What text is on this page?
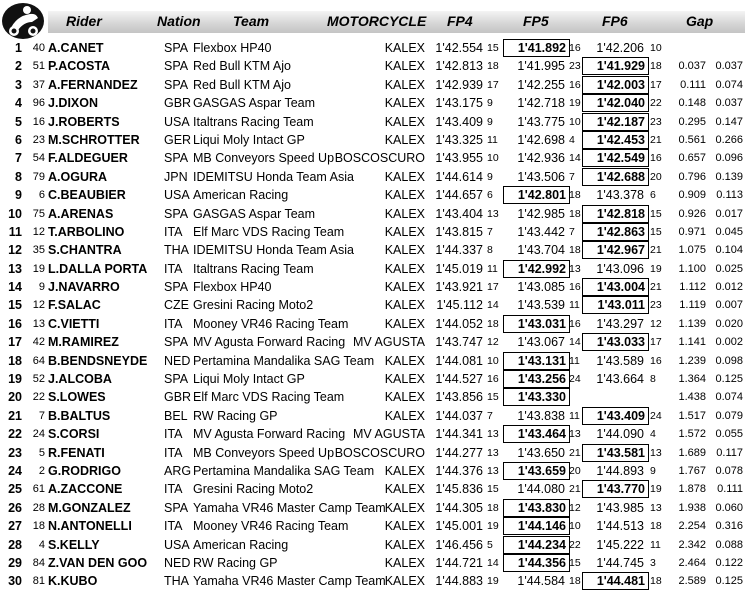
Rider	Nation Team	MOTORCYCLE FP4	FP5	FP6	Gap
1 40 A.CANET	SPA Flexbox HP40	KALEX 1'42.554 15	1'41.892 16	1'42.206 10
2 51 P.ACOSTA	SPA Red Bull KTM Ajo	KALEX 1'42.813 18	1'41.995 23	1'41.929 18	0.037 0.037
3 37 A.FERNANDEZ SPA Red Bull KTM Ajo	KALEX 1'42.939 17	1'42.255 16	1'42.003 17	0.111 0.074
4 96 J.DIXON	GBR GASGAS Aspar Team	KALEX 1'43.175 9	1'42.718 19	1'42.040 22	0.148 0.037
5 16 J.ROBERTS	USA Italtrans Racing Team	KALEX 1'43.409 9	1'43.775 10	1'42.187 23	0.295 0.147
6 23 M.SCHROTTER GER Liqui Moly Intact GP	KALEX 1'43.325 11	1'42.698 4	1'42.453 21	0.561 0.266
7 54 F.ALDEGUER	SPA MB Conveyors Speed Up BOSCOSCURO 1'43.955 10	1'42.936 14	1'42.549 16	0.657 0.096
8 79 A.OGURA	JPN IDEMITSU Honda Team Asia	KALEX 1'44.614 9	1'43.506 7	1'42.688 20	0.796 0.139
9	6 C.BEAUBIER	USA American Racing	KALEX 1'44.657 6	1'42.801 18	1'43.378 6	0.909 0.113
10 75 A.ARENAS	SPA GASGAS Aspar Team	KALEX 1'43.404 13	1'42.985 18	1'42.818 15	0.926 0.017
11 12 T.ARBOLINO	ITA Elf Marc VDS Racing Team	KALEX 1'43.815 7	1'43.442 7	1'42.863 15	0.971 0.045
12 35 S.CHANTRA	THA IDEMITSU Honda Team Asia	KALEX 1'44.337 8	1'43.704 18	1'42.967 21	1.075 0.104
13 19 L.DALLA PORTA ITA Italtrans Racing Team	KALEX 1'45.019 11	1'42.992 13	1'43.096 19	1.100 0.025
14	9 J.NAVARRO	SPA Flexbox HP40	KALEX 1'43.921 17	1'43.085 16	1'43.004 21	1.112 0.012
15 12 F.SALAC	CZE Gresini Racing Moto2	KALEX 1'45.112 14	1'43.539 11	1'43.011 23	1.119 0.007
16 13 C.VIETTI	ITA Mooney VR46 Racing Team	KALEX 1'44.052 18	1'43.031 16	1'43.297 12	1.139 0.020
17 42 M.RAMIREZ	SPA MV Agusta Forward Racing MV AGUSTA 1'43.747 12	1'43.067 14	1'43.033 17	1.141 0.002
18 64 B.BENDSNEYDE NED Pertamina Mandalika SAG Team KALEX 1'44.081 10	1'43.131 11	1'43.589 16	1.239 0.098
19 52 J.ALCOBA	SPA Liqui Moly Intact GP	KALEX 1'44.527 16	1'43.256 24	1'43.664 8	1.364 0.125
20 22 S.LOWES	GBR Elf Marc VDS Racing Team	KALEX 1'43.856 15	1'43.330	1.438 0.074
21	7 B.BALTUS	BEL RW Racing GP	KALEX 1'44.037 7	1'43.838 11	1'43.409 24	1.517 0.079
22 24 S.CORSI	ITA MV Agusta Forward Racing MV AGUSTA 1'44.341 13	1'43.464 13	1'44.090 4	1.572 0.055
23	5 R.FENATI	ITA MB Conveyors Speed Up BOSCOSCURO 1'44.277 13	1'43.650 21	1'43.581 13	1.689 0.117
24	2 G.RODRIGO	ARG Pertamina Mandalika SAG Team KALEX 1'44.376 13	1'43.659 20	1'44.893 9	1.767 0.078
25 61 A.ZACCONE	ITA Gresini Racing Moto2	KALEX 1'45.836 15	1'44.080 21	1'43.770 19	1.878	0.111
26 28 M.GONZALEZ	SPA Yamaha VR46 Master Camp Team KALEX 1'44.305 18	1'43.830 12	1'43.985 13	1.938 0.060
27 18 N.ANTONELLI	ITA Mooney VR46 Racing Team	KALEX 1'45.001 19	1'44.146 10	1'44.513 18	2.254 0.316
28	4 S.KELLY	USA American Racing	KALEX 1'46.456 5	1'44.234 22	1'45.222 11	2.342 0.088
29 84 Z.VAN DEN GOO NED RW Racing GP	KALEX 1'44.721 14	1'44.356 15	1'44.745 3	2.464 0.122
30 81 K.KUBO	THA Yamaha VR46 Master Camp Team KALEX 1'44.883 19	1'44.584 18	1'44.481 18	2.589 0.125
